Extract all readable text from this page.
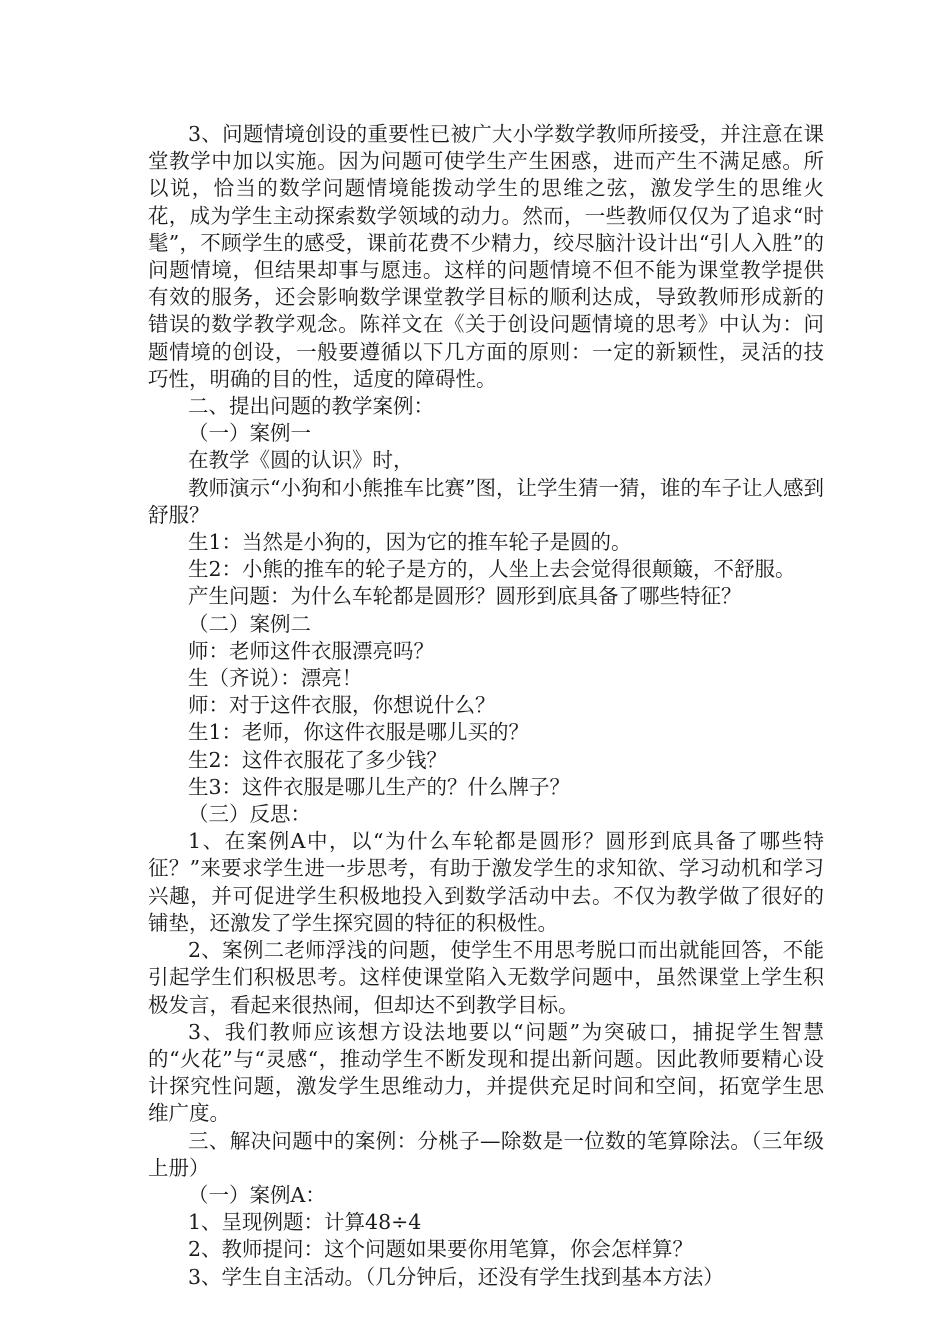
3、问题情境创设的重要性已被广大小学数学教师所接受，并注意在课堂教学中加以实施。因为问题可使学生产生困惑，进而产生不满足感。所以说，恰当的数学问题情境能拨动学生的思维之弦，激发学生的思维火花，成为学生主动探索数学领域的动力。然而，一些教师仅仅为了追求“时髦”，不顾学生的感受，课前花费不少精力，绞尽脑汁设计出“引人入胜”的问题情境，但结果却事与愿违。这样的问题情境不但不能为课堂教学提供有效的服务，还会影响数学课堂教学目标的顺利达成，导致教师形成新的错误的数学教学观念。陈祥文在《关于创设问题情境的思考》中认为：问题情境的创设，一般要遵循以下几方面的原则：一定的新颖性，灵活的技巧性，明确的目的性，适度的障碍性。

二、提出问题的教学案例：

（一）案例一

在教学《圆的认识》时，

教师演示“小狗和小熊推车比赛”图，让学生猜一猜，谁的车子让人感到舒服？

生1：当然是小狗的，因为它的推车轮子是圆的。

生2：小熊的推车的轮子是方的，人坐上去会觉得很颠簸，不舒服。

产生问题：为什么车轮都是圆形？圆形到底具备了哪些特征？

（二）案例二

师：老师这件衣服漂亮吗？

生（齐说）：漂亮！

师：对于这件衣服，你想说什么？

生1：老师，你这件衣服是哪儿买的？

生2：这件衣服花了多少钱？

生3：这件衣服是哪儿生产的？什么牌子？

（三）反思：

1、在案例A中，以“为什么车轮都是圆形？圆形到底具备了哪些特征？”来要求学生进一步思考，有助于激发学生的求知欲、学习动机和学习兴趣，并可促进学生积极地投入到数学活动中去。不仅为教学做了很好的铺垫，还激发了学生探究圆的特征的积极性。

2、案例二老师浮浅的问题，使学生不用思考脱口而出就能回答，不能引起学生们积极思考。这样使课堂陷入无数学问题中，虽然课堂上学生积极发言，看起来很热闹，但却达不到教学目标。

3、我们教师应该想方设法地要以“问题”为突破口，捕捉学生智慧的“火花”与“灵感“，推动学生不断发现和提出新问题。因此教师要精心设计探究性问题，激发学生思维动力，并提供充足时间和空间，拓宽学生思维广度。

三、解决问题中的案例：分桃子—除数是一位数的笔算除法。（三年级上册）

（一）案例A：

1、呈现例题：计算48÷4

2、教师提问：这个问题如果要你用笔算，你会怎样算？

3、学生自主活动。（几分钟后，还没有学生找到基本方法）
